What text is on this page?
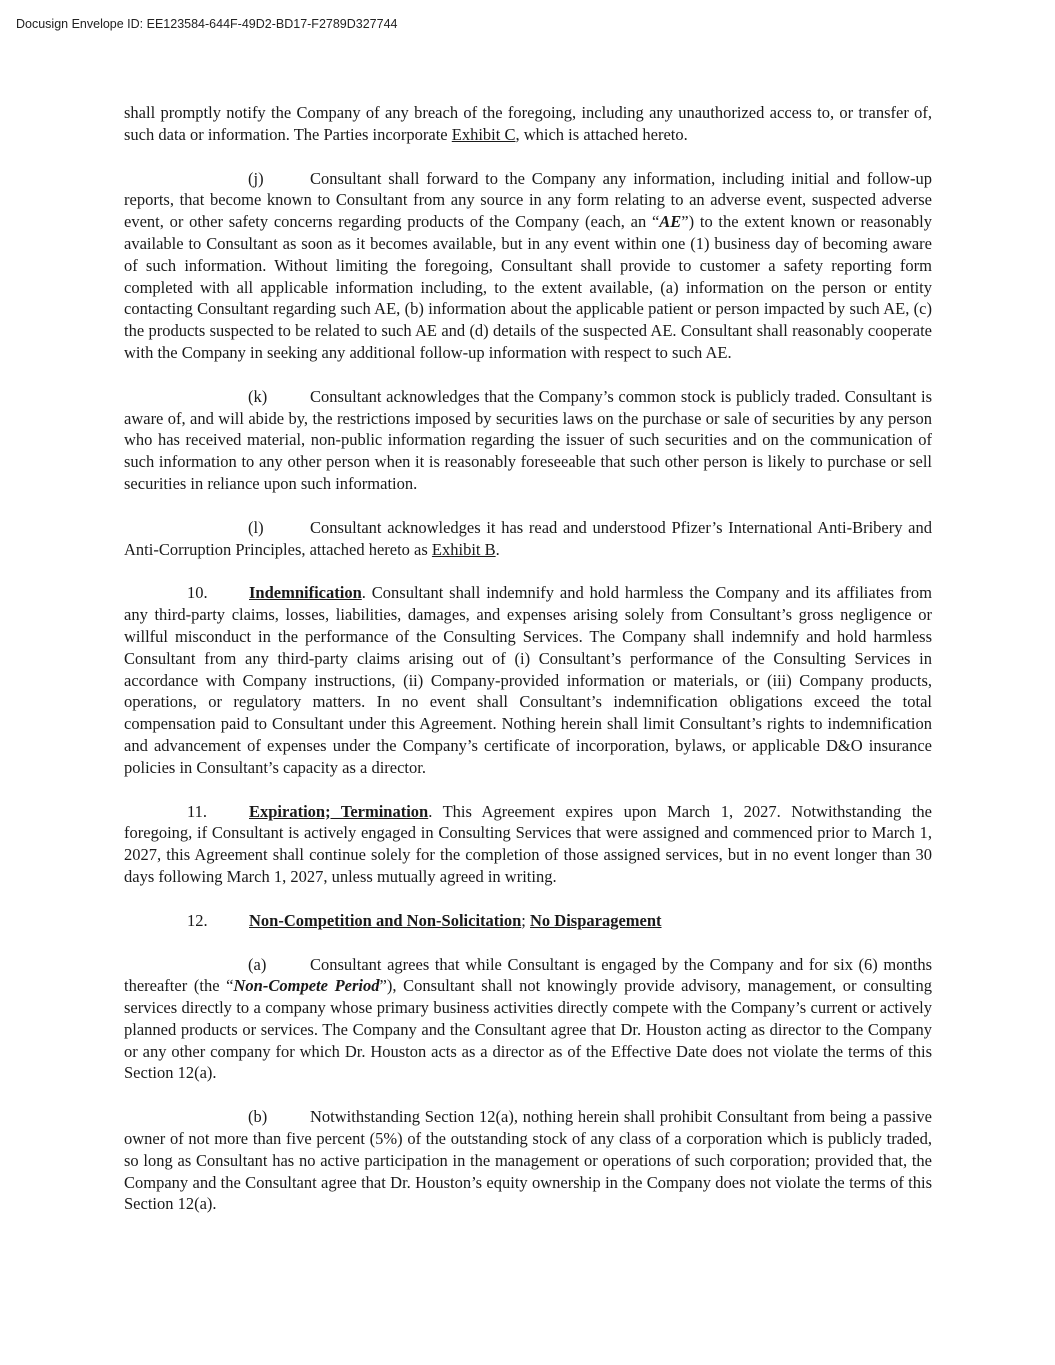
Docusign Envelope ID: EE123584-644F-49D2-BD17-F2789D327744

shall promptly notify the Company of any breach of the foregoing, including any unauthorized access to, or transfer of, such data or information. The Parties incorporate Exhibit C, which is attached hereto.

(j)	Consultant shall forward to the Company any information, including initial and follow-up reports, that become known to Consultant from any source in any form relating to an adverse event, suspected adverse event, or other safety concerns regarding products of the Company (each, an “AE”) to the extent known or reasonably available to Consultant as soon as it becomes available, but in any event within one (1) business day of becoming aware of such information. Without limiting the foregoing, Consultant shall provide to customer a safety reporting form completed with all applicable information including, to the extent available, (a) information on the person or entity contacting Consultant regarding such AE, (b) information about the applicable patient or person impacted by such AE, (c) the products suspected to be related to such AE and (d) details of the suspected AE. Consultant shall reasonably cooperate with the Company in seeking any additional follow-up information with respect to such AE.

(k)	Consultant acknowledges that the Company’s common stock is publicly traded. Consultant is aware of, and will abide by, the restrictions imposed by securities laws on the purchase or sale of securities by any person who has received material, non-public information regarding the issuer of such securities and on the communication of such information to any other person when it is reasonably foreseeable that such other person is likely to purchase or sell securities in reliance upon such information.

(l)	Consultant acknowledges it has read and understood Pfizer’s International Anti-Bribery and Anti-Corruption Principles, attached hereto as Exhibit B.

10.	Indemnification. Consultant shall indemnify and hold harmless the Company and its affiliates from any third-party claims, losses, liabilities, damages, and expenses arising solely from Consultant’s gross negligence or willful misconduct in the performance of the Consulting Services. The Company shall indemnify and hold harmless Consultant from any third-party claims arising out of (i) Consultant’s performance of the Consulting Services in accordance with Company instructions, (ii) Company-provided information or materials, or (iii) Company products, operations, or regulatory matters. In no event shall Consultant’s indemnification obligations exceed the total compensation paid to Consultant under this Agreement. Nothing herein shall limit Consultant’s rights to indemnification and advancement of expenses under the Company’s certificate of incorporation, bylaws, or applicable D&O insurance policies in Consultant’s capacity as a director.

11.	Expiration; Termination. This Agreement expires upon March 1, 2027. Notwithstanding the foregoing, if Consultant is actively engaged in Consulting Services that were assigned and commenced prior to March 1, 2027, this Agreement shall continue solely for the completion of those assigned services, but in no event longer than 30 days following March 1, 2027, unless mutually agreed in writing.

12.	Non-Competition and Non-Solicitation; No Disparagement

(a)	Consultant agrees that while Consultant is engaged by the Company and for six (6) months thereafter (the “Non-Compete Period”), Consultant shall not knowingly provide advisory, management, or consulting services directly to a company whose primary business activities directly compete with the Company’s current or actively planned products or services. The Company and the Consultant agree that Dr. Houston acting as director to the Company or any other company for which Dr. Houston acts as a director as of the Effective Date does not violate the terms of this Section 12(a).

(b)	Notwithstanding Section 12(a), nothing herein shall prohibit Consultant from being a passive owner of not more than five percent (5%) of the outstanding stock of any class of a corporation which is publicly traded, so long as Consultant has no active participation in the management or operations of such corporation; provided that, the Company and the Consultant agree that Dr. Houston’s equity ownership in the Company does not violate the terms of this Section 12(a).
